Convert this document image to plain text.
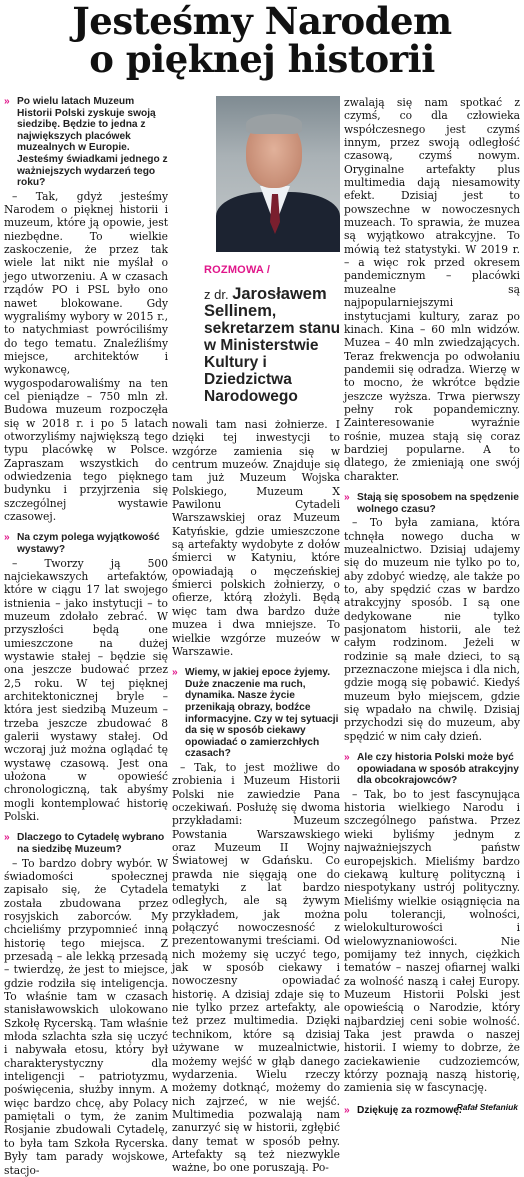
Jesteśmy Narodem
o pięknej historii
» Po wielu latach Muzeum Historii Polski zyskuje swoją siedzibę. Będzie to jedna z największych placówek muzealnych w Europie. Jesteśmy świadkami jednego z ważniejszych wydarzeń tego roku?

– Tak, gdyż jesteśmy Narodem o pięknej historii i muzeum, które ją opowie, jest niezbędne. To wielkie zaskoczenie, że przez tak wiele lat nikt nie myślał o jego utworzeniu. A w czasach rządów PO i PSL było ono nawet blokowane. Gdy wygraliśmy wybory w 2015 r., to natychmiast powróciliśmy do tego tematu. Znaleźliśmy miejsce, architektów i wykonawcę, wygospodarowaliśmy na ten cel pieniądze – 750 mln zł. Budowa muzeum rozpoczęła się w 2018 r. i po 5 latach otworzyliśmy największą tego typu placówkę w Polsce. Zapraszam wszystkich do odwiedzenia tego pięknego budynku i przyjrzenia się szczególnej wystawie czasowej.

» Na czym polega wyjątkowość wystawy?

– Tworzy ją 500 najciekawszych artefaktów, które w ciągu 17 lat swojego istnienia – jako instytucji – to muzeum zdołało zebrać. W przyszłości będą one umieszczone na dużej wystawie stałej – będzie się ona jeszcze budować przez 2,5 roku. W tej pięknej architektonicznej bryle – która jest siedzibą Muzeum – trzeba jeszcze zbudować 8 galerii wystawy stałej. Od wczoraj już można oglądać tę wystawę czasową. Jest ona ułożona w opowieść chronologiczną, tak abyśmy mogli kontemplować historię Polski.

» Dlaczego to Cytadelę wybrano na siedzibę Muzeum?

– To bardzo dobry wybór. W świadomości społecznej zapisało się, że Cytadela została zbudowana przez rosyjskich zaborców. My chcieliśmy przypomnieć inną historię tego miejsca. Z przesadą – ale lekką przesadą – twierdzę, że jest to miejsce, gdzie rodziła się inteligencja. To właśnie tam w czasach stanisławowskich ulokowano Szkołę Rycerską. Tam właśnie młoda szlachta szła się uczyć i nabywała etosu, który był charakterystyczny dla inteligencji – patriotyzmu, poświęcenia, służby innym. A więc bardzo chcę, aby Polacy pamiętali o tym, że zanim Rosjanie zbudowali Cytadelę, to była tam Szkoła Rycerska. Były tam parady wojskowe, stacjo-

ROZMOWA /
z dr. Jarosławem Sellinem,
sekretarzem stanu w Ministerstwie Kultury i Dziedzictwa Narodowego

nowali tam nasi żołnierze. I dzięki tej inwestycji to wzgórze zamienia się w centrum muzeów. Znajduje się tam już Muzeum Wojska Polskiego, Muzeum X Pawilonu Cytadeli Warszawskiej oraz Muzeum Katyńskie, gdzie umieszczone są artefakty wydobyte z dołów śmierci w Katyniu, które opowiadają o męczeńskiej śmierci polskich żołnierzy, o ofierze, którą złożyli. Będą więc tam dwa bardzo duże muzea i dwa mniejsze. To wielkie wzgórze muzeów w Warszawie.

» Wiemy, w jakiej epoce żyjemy. Duże znaczenie ma ruch, dynamika. Nasze życie przenikają obrazy, bodźce informacyjne. Czy w tej sytuacji da się w sposób ciekawy opowiadać o zamierzchłych czasach?

– Tak, to jest możliwe do zrobienia i Muzeum Historii Polski nie zawiedzie Pana oczekiwań. Posłużę się dwoma przykładami: Muzeum Powstania Warszawskiego oraz Muzeum II Wojny Światowej w Gdańsku. Co prawda nie sięgają one do tematyki z lat bardzo odległych, ale są żywym przykładem, jak można połączyć nowoczesność z prezentowanymi treściami. Od nich możemy się uczyć tego, jak w sposób ciekawy i nowoczesny opowiadać historię. A dzisiaj zdaje się to nie tylko przez artefakty, ale też przez multimedia. Dzięki technikom, które są dzisiaj używane w muzealnictwie, możemy wejść w głąb danego wydarzenia. Wielu rzeczy możemy dotknąć, możemy do nich zajrzeć, w nie wejść. Multimedia pozwalają nam zanurzyć się w historii, zgłębić dany temat w sposób pełny. Artefakty są też niezwykle ważne, bo one poruszają. Po-

zwalają się nam spotkać z czymś, co dla człowieka współczesnego jest czymś innym, przez swoją odległość czasową, czymś nowym. Oryginalne artefakty plus multimedia dają niesamowity efekt. Dzisiaj jest to powszechne w nowoczesnych muzeach. To sprawia, że muzea są wyjątkowo atrakcyjne. To mówią też statystyki. W 2019 r. – a więc rok przed okresem pandemicznym – placówki muzealne są najpopularniejszymi instytucjami kultury, zaraz po kinach. Kina – 60 mln widzów. Muzea – 40 mln zwiedzających. Teraz frekwencja po odwołaniu pandemii się odradza. Wierzę w to mocno, że wkrótce będzie jeszcze wyższa. Trwa pierwszy pełny rok popandemiczny. Zainteresowanie wyraźnie rośnie, muzea stają się coraz bardziej popularne. A to dlatego, że zmieniają one swój charakter.

» Stają się sposobem na spędzenie wolnego czasu?

– To była zamiana, która tchnęła nowego ducha w muzealnictwo. Dzisiaj udajemy się do muzeum nie tylko po to, aby zdobyć wiedzę, ale także po to, aby spędzić czas w bardzo atrakcyjny sposób. I są one dedykowane nie tylko pasjonatom historii, ale też całym rodzinom. Jeżeli w rodzinie są małe dzieci, to są przeznaczone miejsca i dla nich, gdzie mogą się pobawić. Kiedyś muzeum było miejscem, gdzie się wpadało na chwilę. Dzisiaj przychodzi się do muzeum, aby spędzić w nim cały dzień.

» Ale czy historia Polski może być opowiadana w sposób atrakcyjny dla obcokrajowców?

– Tak, bo to jest fascynująca historia wielkiego Narodu i szczególnego państwa. Przez wieki byliśmy jednym z najważniejszych państw europejskich. Mieliśmy bardzo ciekawą kulturę polityczną i niespotykany ustrój polityczny. Mieliśmy wielkie osiągnięcia na polu tolerancji, wolności, wielokulturowości i wielowyznaniowości. Nie pomijamy też innych, ciężkich tematów – naszej ofiarnej walki za wolność naszą i całej Europy. Muzeum Historii Polski jest opowieścią o Narodzie, który najbardziej ceni sobie wolność. Taka jest prawda o naszej historii. I wiemy to dobrze, że zaciekawienie cudzoziemców, którzy poznają naszą historię, zamienia się w fascynację.

» Dziękuję za rozmowę.
Rafał Stefaniuk
